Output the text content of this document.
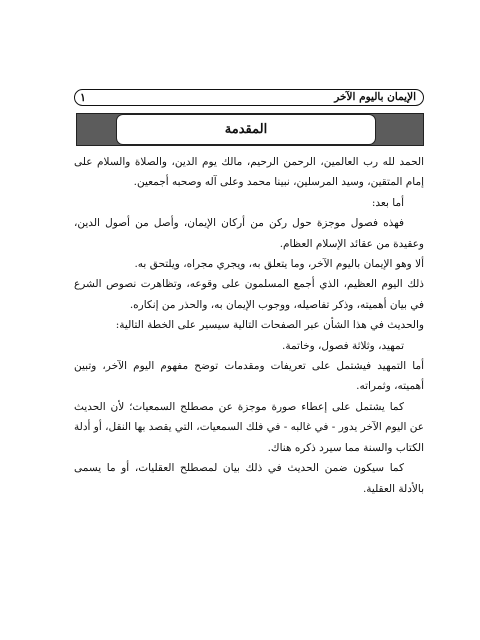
الإيمان باليوم الآخر
١
المقدمة

الحمد لله رب العالمين، الرحمن الرحيم، مالك يوم الدين، والصلاة والسلام على إمام المتقين، وسيد المرسلين، نبينا محمد وعلى آله وصحبه أجمعين.

أما بعد:

فهذه فصول موجزة حول ركن من أركان الإيمان، وأصل من أصول الدين، وعقيدة من عقائد الإسلام العظام.

ألا وهو الإيمان باليوم الآخر، وما يتعلق به، ويجري مجراه، ويلتحق به.

ذلك اليوم العظيم، الذي أجمع المسلمون على وقوعه، وتظاهرت نصوص الشرع في بيان أهميته، وذكر تفاصيله، ووجوب الإيمان به، والحذر من إنكاره.

والحديث في هذا الشأن عبر الصفحات التالية سيسير على الخطة التالية:

تمهيد، وثلاثة فصول، وخاتمة.

أما التمهيد فيشتمل على تعريفات ومقدمات توضح مفهوم اليوم الآخر، وتبين أهميته، وثمراته.

كما يشتمل على إعطاء صورة موجزة عن مصطلح السمعيات؛ لأن الحديث عن اليوم الآخر يدور - في غالبه - في فلك السمعيات، التي يقصد بها النقل، أو أدلة الكتاب والسنة مما سيرد ذكره هناك.

كما سيكون ضمن الحديث في ذلك بيان لمصطلح العقليات، أو ما يسمى بالأدلة العقلية.
